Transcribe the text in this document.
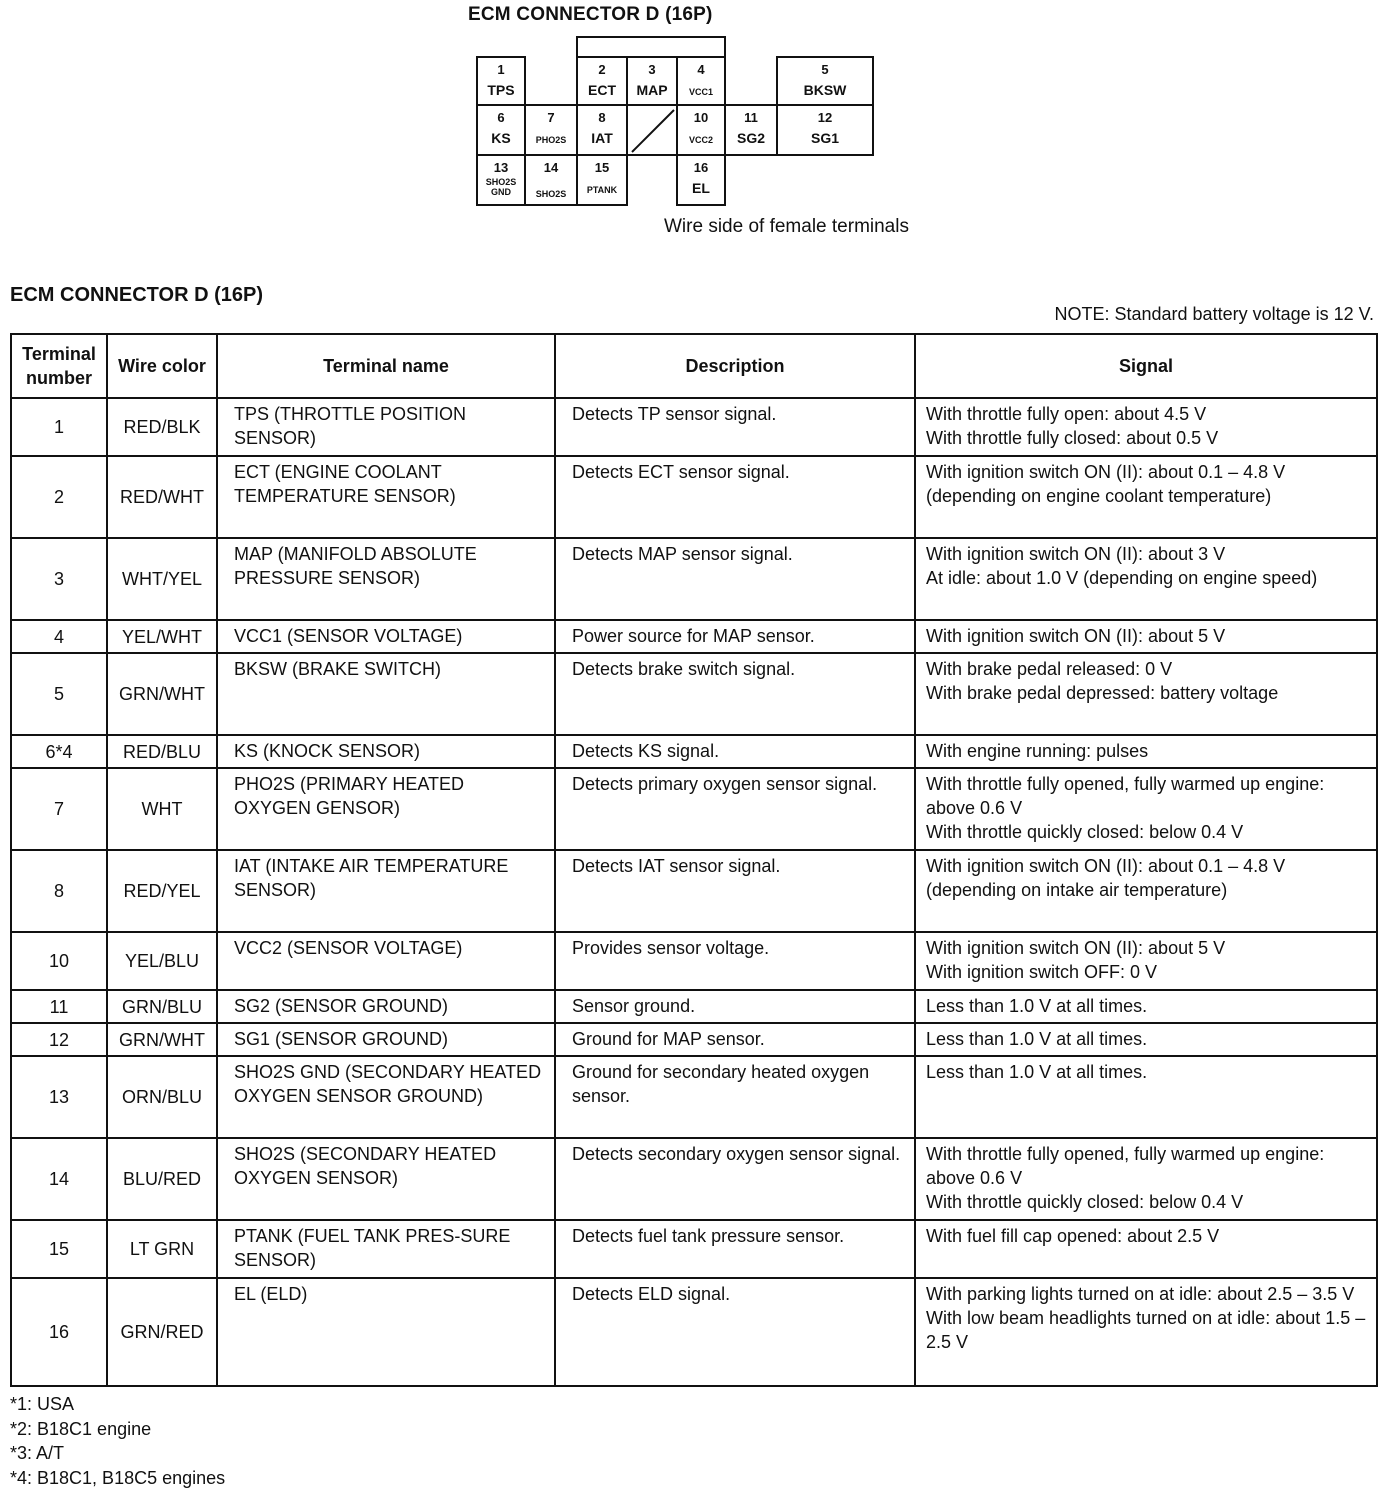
ECM CONNECTOR D (16P)
1
TPS
2
ECT
3
MAP
4
VCC1
5
BKSW
6
KS
7
PHO2S
8
IAT
10
VCC2
11
SG2
12
SG1
13
SHO2S GND
14
SHO2S
15
PTANK
16
EL
Wire side of female terminals
ECM CONNECTOR D (16P)
NOTE: Standard battery voltage is 12 V.
Terminal number	Wire color	Terminal name	Description	Signal
1	RED/BLK	TPS (THROTTLE POSITION SENSOR)	Detects TP sensor signal.	With throttle fully open: about 4.5 V
With throttle fully closed: about 0.5 V
2	RED/WHT	ECT (ENGINE COOLANT TEMPERATURE SENSOR)	Detects ECT sensor signal.	With ignition switch ON (II): about 0.1 – 4.8 V (depending on engine coolant temperature)
3	WHT/YEL	MAP (MANIFOLD ABSOLUTE PRESSURE SENSOR)	Detects MAP sensor signal.	With ignition switch ON (II): about 3 V
At idle: about 1.0 V (depending on engine speed)
4	YEL/WHT	VCC1 (SENSOR VOLTAGE)	Power source for MAP sensor.	With ignition switch ON (II): about 5 V
5	GRN/WHT	BKSW (BRAKE SWITCH)	Detects brake switch signal.	With brake pedal released: 0 V
With brake pedal depressed: battery voltage
6*4	RED/BLU	KS (KNOCK SENSOR)	Detects KS signal.	With engine running: pulses
7	WHT	PHO2S (PRIMARY HEATED OXYGEN GENSOR)	Detects primary oxygen sensor signal.	With throttle fully opened, fully warmed up engine: above 0.6 V
With throttle quickly closed: below 0.4 V
8	RED/YEL	IAT (INTAKE AIR TEMPERATURE SENSOR)	Detects IAT sensor signal.	With ignition switch ON (II): about 0.1 – 4.8 V (depending on intake air temperature)
10	YEL/BLU	VCC2 (SENSOR VOLTAGE)	Provides sensor voltage.	With ignition switch ON (II): about 5 V
With ignition switch OFF: 0 V
11	GRN/BLU	SG2 (SENSOR GROUND)	Sensor ground.	Less than 1.0 V at all times.
12	GRN/WHT	SG1 (SENSOR GROUND)	Ground for MAP sensor.	Less than 1.0 V at all times.
13	ORN/BLU	SHO2S GND (SECONDARY HEATED OXYGEN SENSOR GROUND)	Ground for secondary heated oxygen sensor.	Less than 1.0 V at all times.
14	BLU/RED	SHO2S (SECONDARY HEATED OXYGEN SENSOR)	Detects secondary oxygen sensor signal.	With throttle fully opened, fully warmed up engine: above 0.6 V
With throttle quickly closed: below 0.4 V
15	LT GRN	PTANK (FUEL TANK PRES-SURE SENSOR)	Detects fuel tank pressure sensor.	With fuel fill cap opened: about 2.5 V
16	GRN/RED	EL (ELD)	Detects ELD signal.	With parking lights turned on at idle: about 2.5 – 3.5 V
With low beam headlights turned on at idle: about 1.5 – 2.5 V
*1: USA
*2: B18C1 engine
*3: A/T
*4: B18C1, B18C5 engines
